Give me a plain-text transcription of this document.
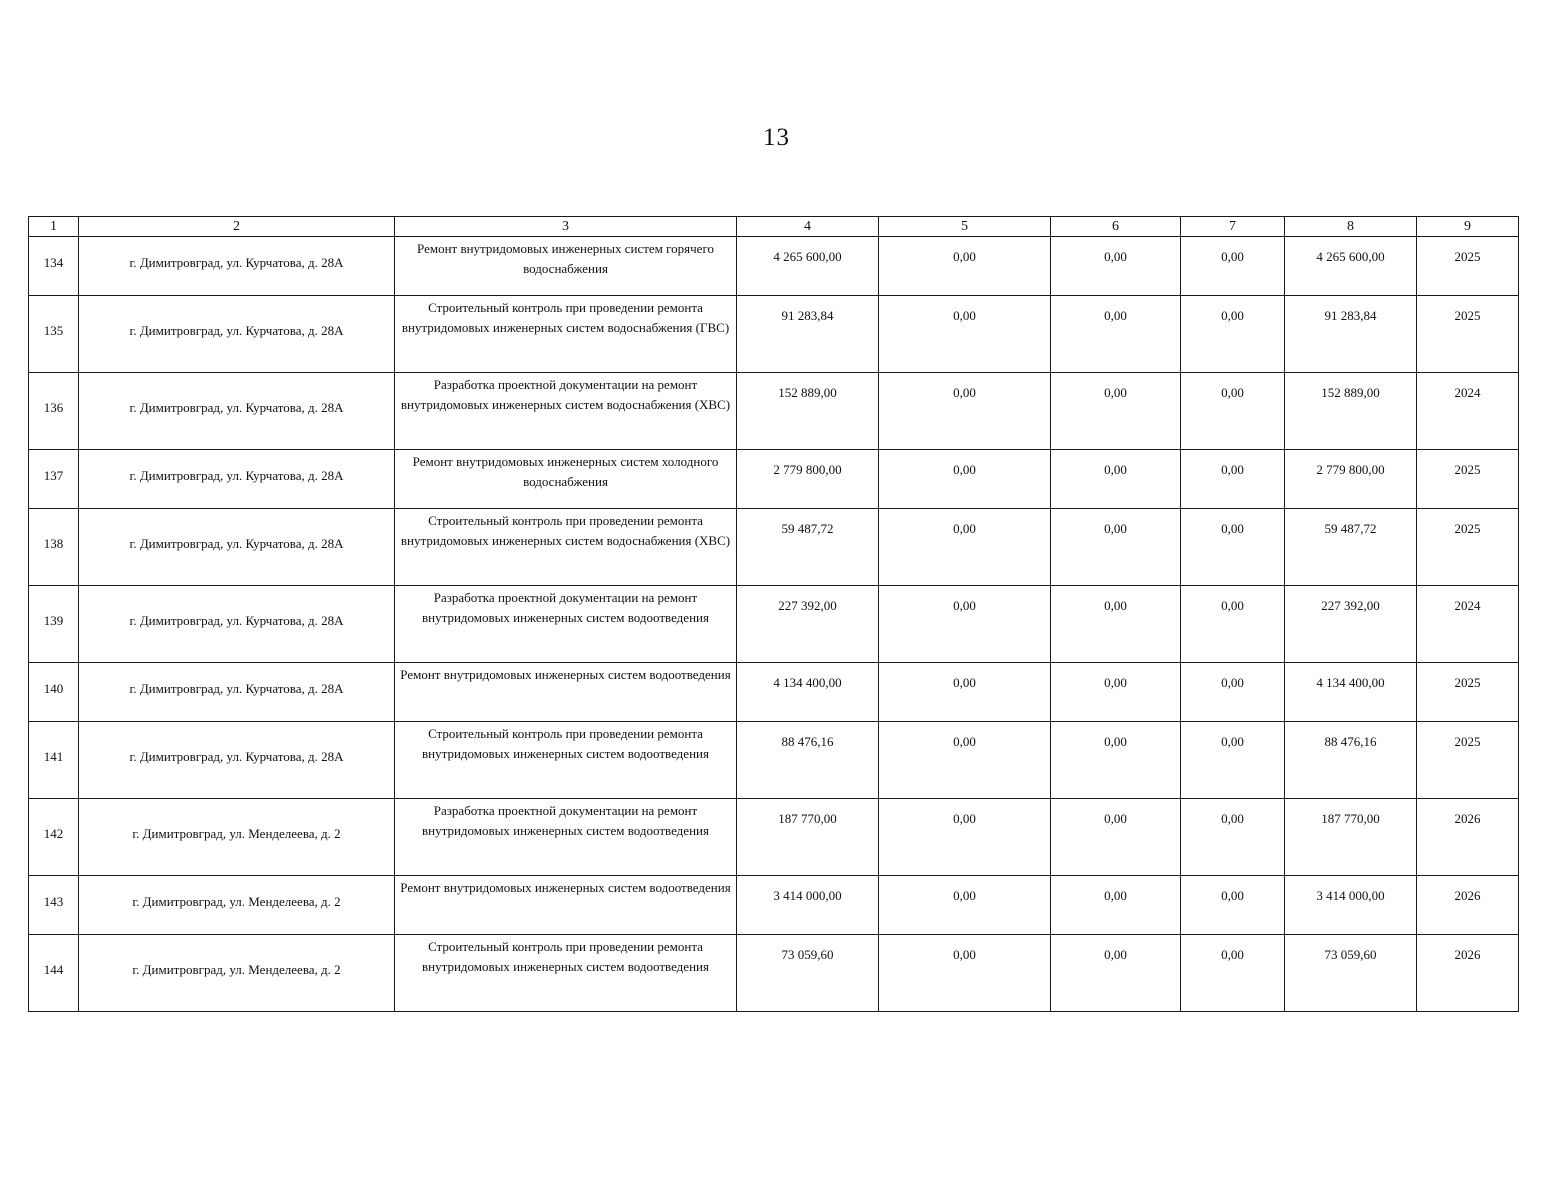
13
1	2	3	4	5	6	7	8	9
134	г. Димитровград, ул. Курчатова, д. 28А	Ремонт внутридомовых инженерных систем горячего водоснабжения	4 265 600,00	0,00	0,00	0,00	4 265 600,00	2025
135	г. Димитровград, ул. Курчатова, д. 28А	Строительный контроль при проведении ремонта внутридомовых инженерных систем водоснабжения (ГВС)	91 283,84	0,00	0,00	0,00	91 283,84	2025
136	г. Димитровград, ул. Курчатова, д. 28А	Разработка проектной документации на ремонт внутридомовых инженерных систем водоснабжения (ХВС)	152 889,00	0,00	0,00	0,00	152 889,00	2024
137	г. Димитровград, ул. Курчатова, д. 28А	Ремонт внутридомовых инженерных систем холодного водоснабжения	2 779 800,00	0,00	0,00	0,00	2 779 800,00	2025
138	г. Димитровград, ул. Курчатова, д. 28А	Строительный контроль при проведении ремонта внутридомовых инженерных систем водоснабжения (ХВС)	59 487,72	0,00	0,00	0,00	59 487,72	2025
139	г. Димитровград, ул. Курчатова, д. 28А	Разработка проектной документации на ремонт внутридомовых инженерных систем водоотведения	227 392,00	0,00	0,00	0,00	227 392,00	2024
140	г. Димитровград, ул. Курчатова, д. 28А	Ремонт внутридомовых инженерных систем водоотведения	4 134 400,00	0,00	0,00	0,00	4 134 400,00	2025
141	г. Димитровград, ул. Курчатова, д. 28А	Строительный контроль при проведении ремонта внутридомовых инженерных систем водоотведения	88 476,16	0,00	0,00	0,00	88 476,16	2025
142	г. Димитровград, ул. Менделеева, д. 2	Разработка проектной документации на ремонт внутридомовых инженерных систем водоотведения	187 770,00	0,00	0,00	0,00	187 770,00	2026
143	г. Димитровград, ул. Менделеева, д. 2	Ремонт внутридомовых инженерных систем водоотведения	3 414 000,00	0,00	0,00	0,00	3 414 000,00	2026
144	г. Димитровград, ул. Менделеева, д. 2	Строительный контроль при проведении ремонта внутридомовых инженерных систем водоотведения	73 059,60	0,00	0,00	0,00	73 059,60	2026
